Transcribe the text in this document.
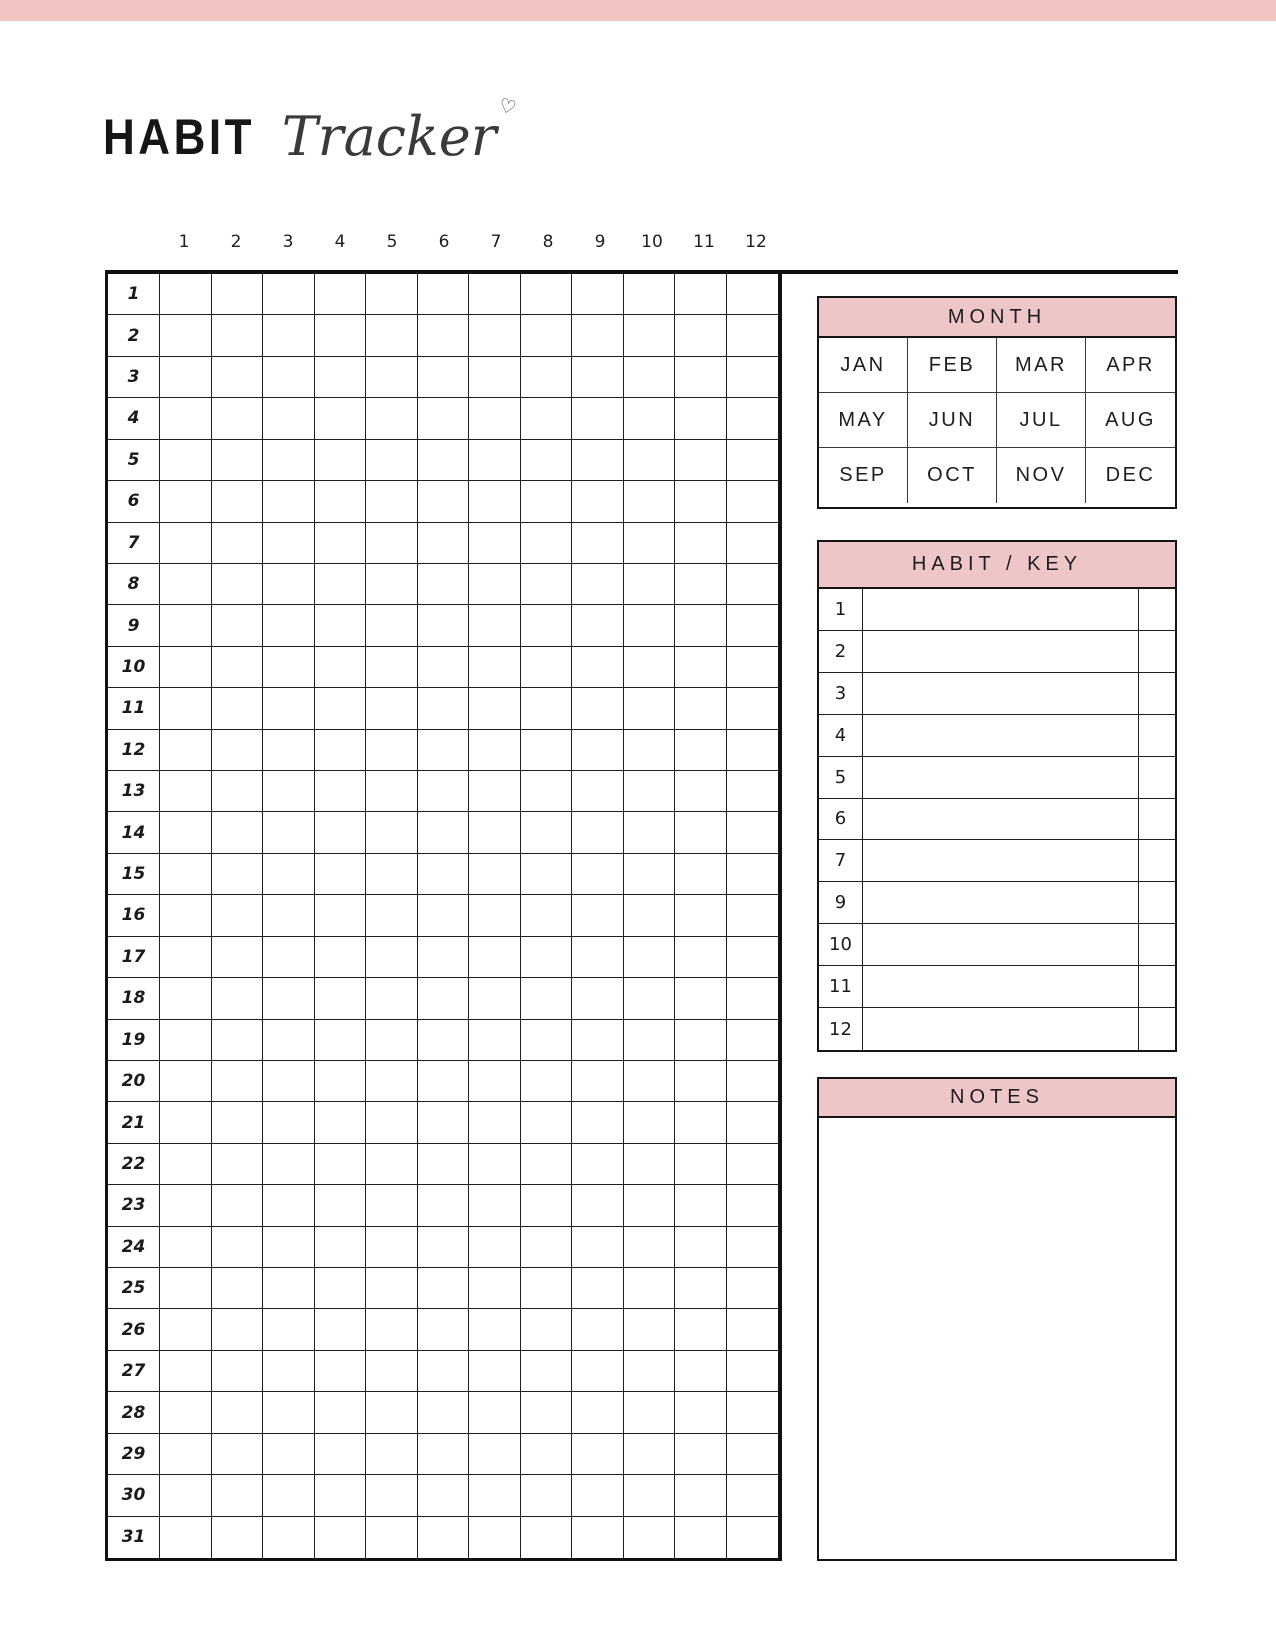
HABIT Tracker ♡
1	2	3	4	5	6	7	8	9	10	11	12
1
2
3
4
5
6
7
8
9
10
11
12
13
14
15
16
17
18
19
20
21
22
23
24
25
26
27
28
29
30
31
MONTH
JAN	FEB	MAR	APR
MAY	JUN	JUL	AUG
SEP	OCT	NOV	DEC
HABIT / KEY
1
2
3
4
5
6
7
9
10
11
12
NOTES
